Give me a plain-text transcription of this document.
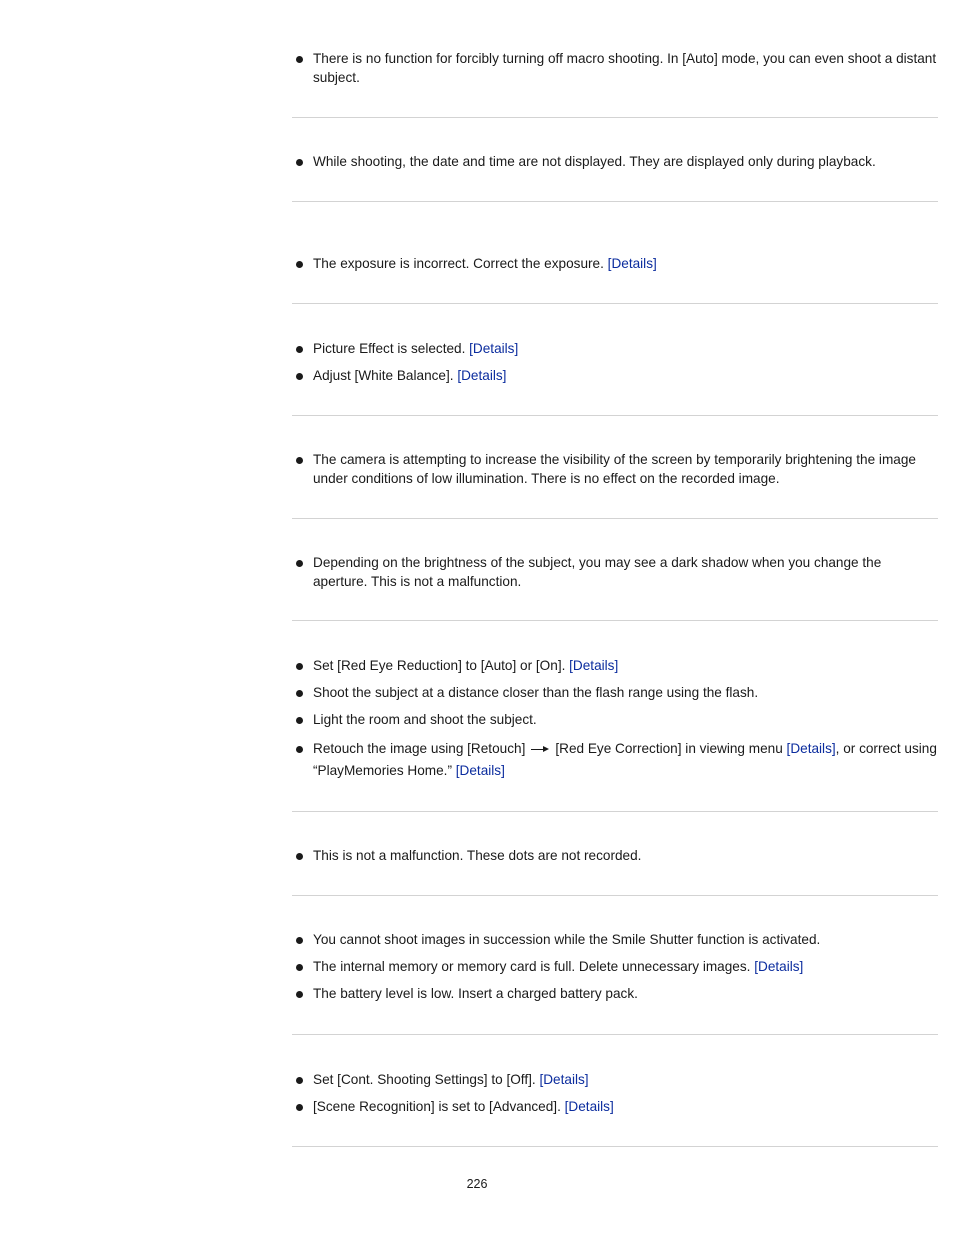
There is no function for forcibly turning off macro shooting. In [Auto] mode, you can even shoot a distant subject.
While shooting, the date and time are not displayed. They are displayed only during playback.
The exposure is incorrect. Correct the exposure. [Details]
Picture Effect is selected. [Details]
Adjust [White Balance]. [Details]
The camera is attempting to increase the visibility of the screen by temporarily brightening the image under conditions of low illumination. There is no effect on the recorded image.
Depending on the brightness of the subject, you may see a dark shadow when you change the aperture. This is not a malfunction.
Set [Red Eye Reduction] to [Auto] or [On]. [Details]
Shoot the subject at a distance closer than the flash range using the flash.
Light the room and shoot the subject.
Retouch the image using [Retouch] [Red Eye Correction] in viewing menu [Details], or correct using “PlayMemories Home.” [Details]
This is not a malfunction. These dots are not recorded.
You cannot shoot images in succession while the Smile Shutter function is activated.
The internal memory or memory card is full. Delete unnecessary images. [Details]
The battery level is low. Insert a charged battery pack.
Set [Cont. Shooting Settings] to [Off]. [Details]
[Scene Recognition] is set to [Advanced]. [Details]
226
